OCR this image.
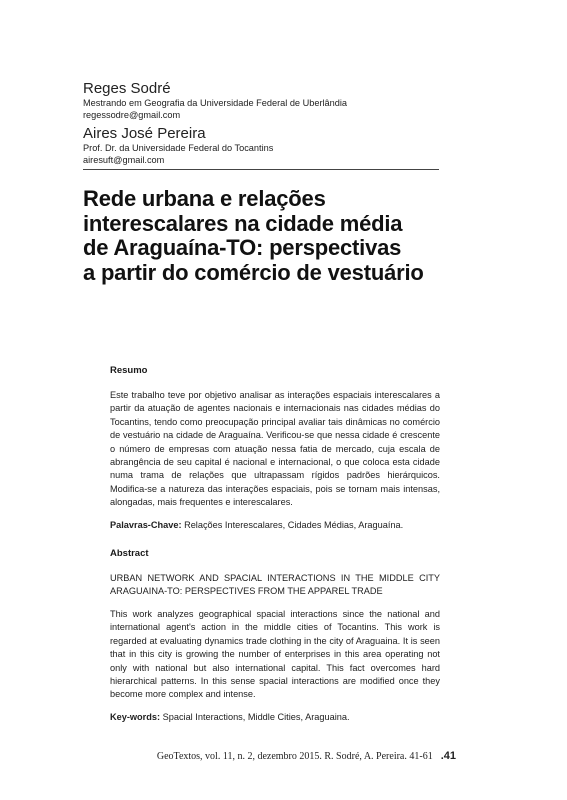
Reges Sodré
Mestrando em Geografia da Universidade Federal de Uberlândia
regessodre@gmail.com
Aires José Pereira
Prof. Dr. da Universidade Federal do Tocantins
airesuft@gmail.com
Rede urbana e relações
interescalares na cidade média
de Araguaína-TO: perspectivas
a partir do comércio de vestuário
Resumo

Este trabalho teve por objetivo analisar as interações espaciais interescalares a partir da atuação de agentes nacionais e internacionais nas cidades médias do Tocantins, tendo como preocupação principal avaliar tais dinâmicas no comércio de vestuário na cidade de Araguaína. Verificou-se que nessa cidade é crescente o número de empresas com atuação nessa fatia de mercado, cuja escala de abrangência de seu capital é nacional e internacional, o que coloca esta cidade numa trama de relações que ultrapassam rígidos padrões hierárquicos. Modifica-se a natureza das interações espaciais, pois se tornam mais intensas, alongadas, mais frequentes e interescalares.

Palavras-Chave: Relações Interescalares, Cidades Médias, Araguaína.
Abstract
URBAN NETWORK AND SPACIAL INTERACTIONS IN THE MIDDLE CITY ARAGUAINA-TO: PERSPECTIVES FROM THE APPAREL TRADE

This work analyzes geographical spacial interactions since the national and international agent's action in the middle cities of Tocantins. This work is regarded at evaluating dynamics trade clothing in the city of Araguaina. It is seen that in this city is growing the number of enterprises in this area operating not only with national but also international capital. This fact overcomes hard hierarchical patterns. In this sense spacial interactions are modified once they become more complex and intense.

Key-words: Spacial Interactions, Middle Cities, Araguaina.
GeoTextos, vol. 11, n. 2, dezembro 2015. R. Sodré, A. Pereira. 41-61 .41
